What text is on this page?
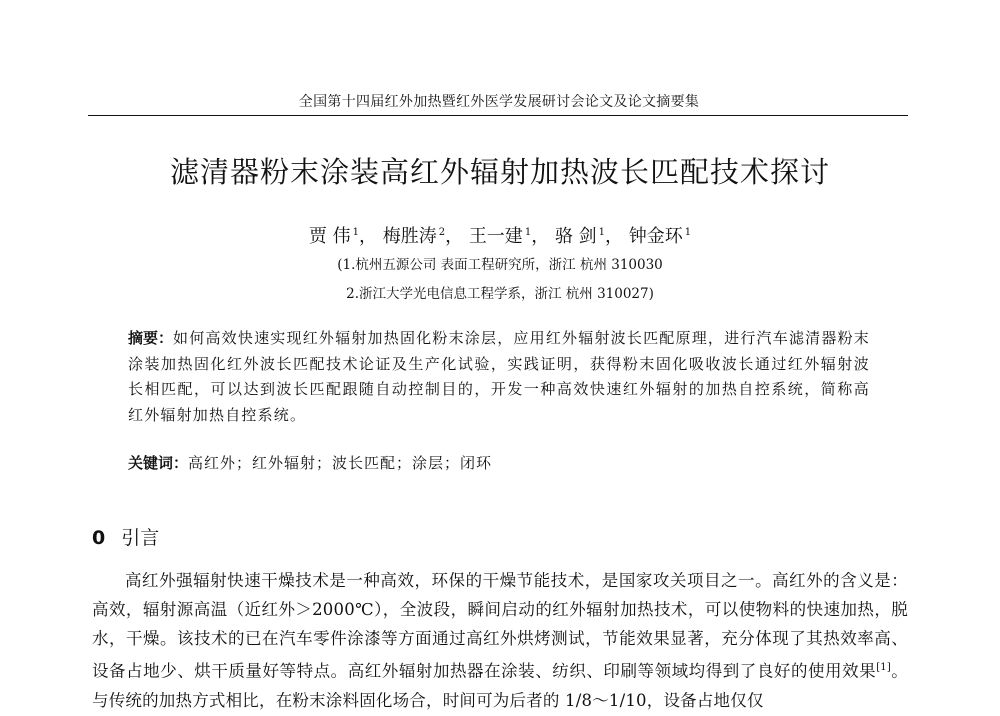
全国第十四届红外加热暨红外医学发展研讨会论文及论文摘要集
滤清器粉末涂装高红外辐射加热波长匹配技术探讨
贾 伟 $^1$， 梅胜涛 $^2$， 王一建 $^1$， 骆 剑 $^1$， 钟金环 $^1$
(1.杭州五源公司 表面工程研究所，浙江 杭州 310030
2.浙江大学光电信息工程学系，浙江 杭州 310027)
摘要：如何高效快速实现红外辐射加热固化粉末涂层，应用红外辐射波长匹配原理，进行汽车滤清器粉末涂装加热固化红外波长匹配技术论证及生产化试验，实践证明，获得粉末固化吸收波长通过红外辐射波长相匹配，可以达到波长匹配跟随自动控制目的，开发一种高效快速红外辐射的加热自控系统，简称高红外辐射加热自控系统。
关键词：高红外；红外辐射；波长匹配；涂层；闭环
0 引言
高红外强辐射快速干燥技术是一种高效，环保的干燥节能技术，是国家攻关项目之一。高红外的含义是：高效，辐射源高温（近红外＞2000℃），全波段，瞬间启动的红外辐射加热技术，可以使物料的快速加热，脱水，干燥。该技术的已在汽车零件涂漆等方面通过高红外烘烤测试，节能效果显著，充分体现了其热效率高、设备占地少、烘干质量好等特点。高红外辐射加热器在涂装、纺织、印刷等领域均得到了良好的使用效果[1]。与传统的加热方式相比，在粉末涂料固化场合，时间可为后者的 1/8～1/10，设备占地仅仅
